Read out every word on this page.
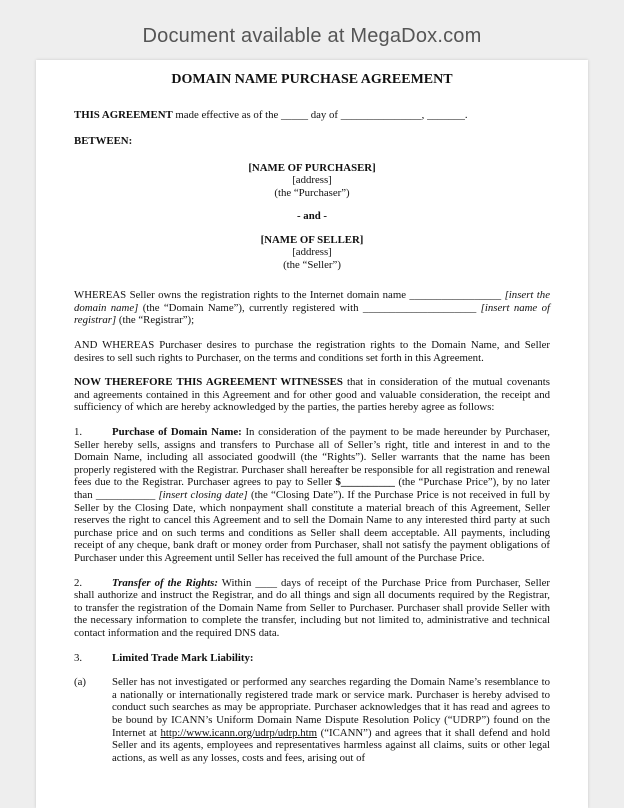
Document available at MegaDox.com
DOMAIN NAME PURCHASE AGREEMENT

THIS AGREEMENT made effective as of the _____ day of _______________, _______.

BETWEEN:

[NAME OF PURCHASER]
[address]
(the “Purchaser”)
- and -
[NAME OF SELLER]
[address]
(the “Seller”)

WHEREAS Seller owns the registration rights to the Internet domain name _________________ [insert the domain name] (the “Domain Name”), currently registered with _____________________ [insert name of registrar] (the “Registrar”);

AND WHEREAS Purchaser desires to purchase the registration rights to the Domain Name, and Seller desires to sell such rights to Purchaser, on the terms and conditions set forth in this Agreement.

NOW THEREFORE THIS AGREEMENT WITNESSES that in consideration of the mutual covenants and agreements contained in this Agreement and for other good and valuable consideration, the receipt and sufficiency of which are hereby acknowledged by the parties, the parties hereby agree as follows:

1.	Purchase of Domain Name: In consideration of the payment to be made hereunder by Purchaser, Seller hereby sells, assigns and transfers to Purchase all of Seller’s right, title and interest in and to the Domain Name, including all associated goodwill (the “Rights”). Seller warrants that the name has been properly registered with the Registrar. Purchaser shall hereafter be responsible for all registration and renewal fees due to the Registrar. Purchaser agrees to pay to Seller $__________ (the “Purchase Price”), by no later than ___________ [insert closing date] (the “Closing Date”). If the Purchase Price is not received in full by Seller by the Closing Date, which nonpayment shall constitute a material breach of this Agreement, Seller reserves the right to cancel this Agreement and to sell the Domain Name to any interested third party at such purchase price and on such terms and conditions as Seller shall deem acceptable. All payments, including receipt of any cheque, bank draft or money order from Purchaser, shall not satisfy the payment obligations of Purchaser under this Agreement until Seller has received the full amount of the Purchase Price.

2.	Transfer of the Rights: Within ____ days of receipt of the Purchase Price from Purchaser, Seller shall authorize and instruct the Registrar, and do all things and sign all documents required by the Registrar, to transfer the registration of the Domain Name from Seller to Purchaser. Purchaser shall provide Seller with the necessary information to complete the transfer, including but not limited to, administrative and technical contact information and the required DNS data.

3.	Limited Trade Mark Liability:

(a)	Seller has not investigated or performed any searches regarding the Domain Name’s resemblance to a nationally or internationally registered trade mark or service mark. Purchaser is hereby advised to conduct such searches as may be appropriate. Purchaser acknowledges that it has read and agrees to be bound by ICANN’s Uniform Domain Name Dispute Resolution Policy (“UDRP”) found on the Internet at http://www.icann.org/udrp/udrp.htm (“ICANN”) and agrees that it shall defend and hold Seller and its agents, employees and representatives harmless against all claims, suits or other legal actions, as well as any losses, costs and fees, arising out of
